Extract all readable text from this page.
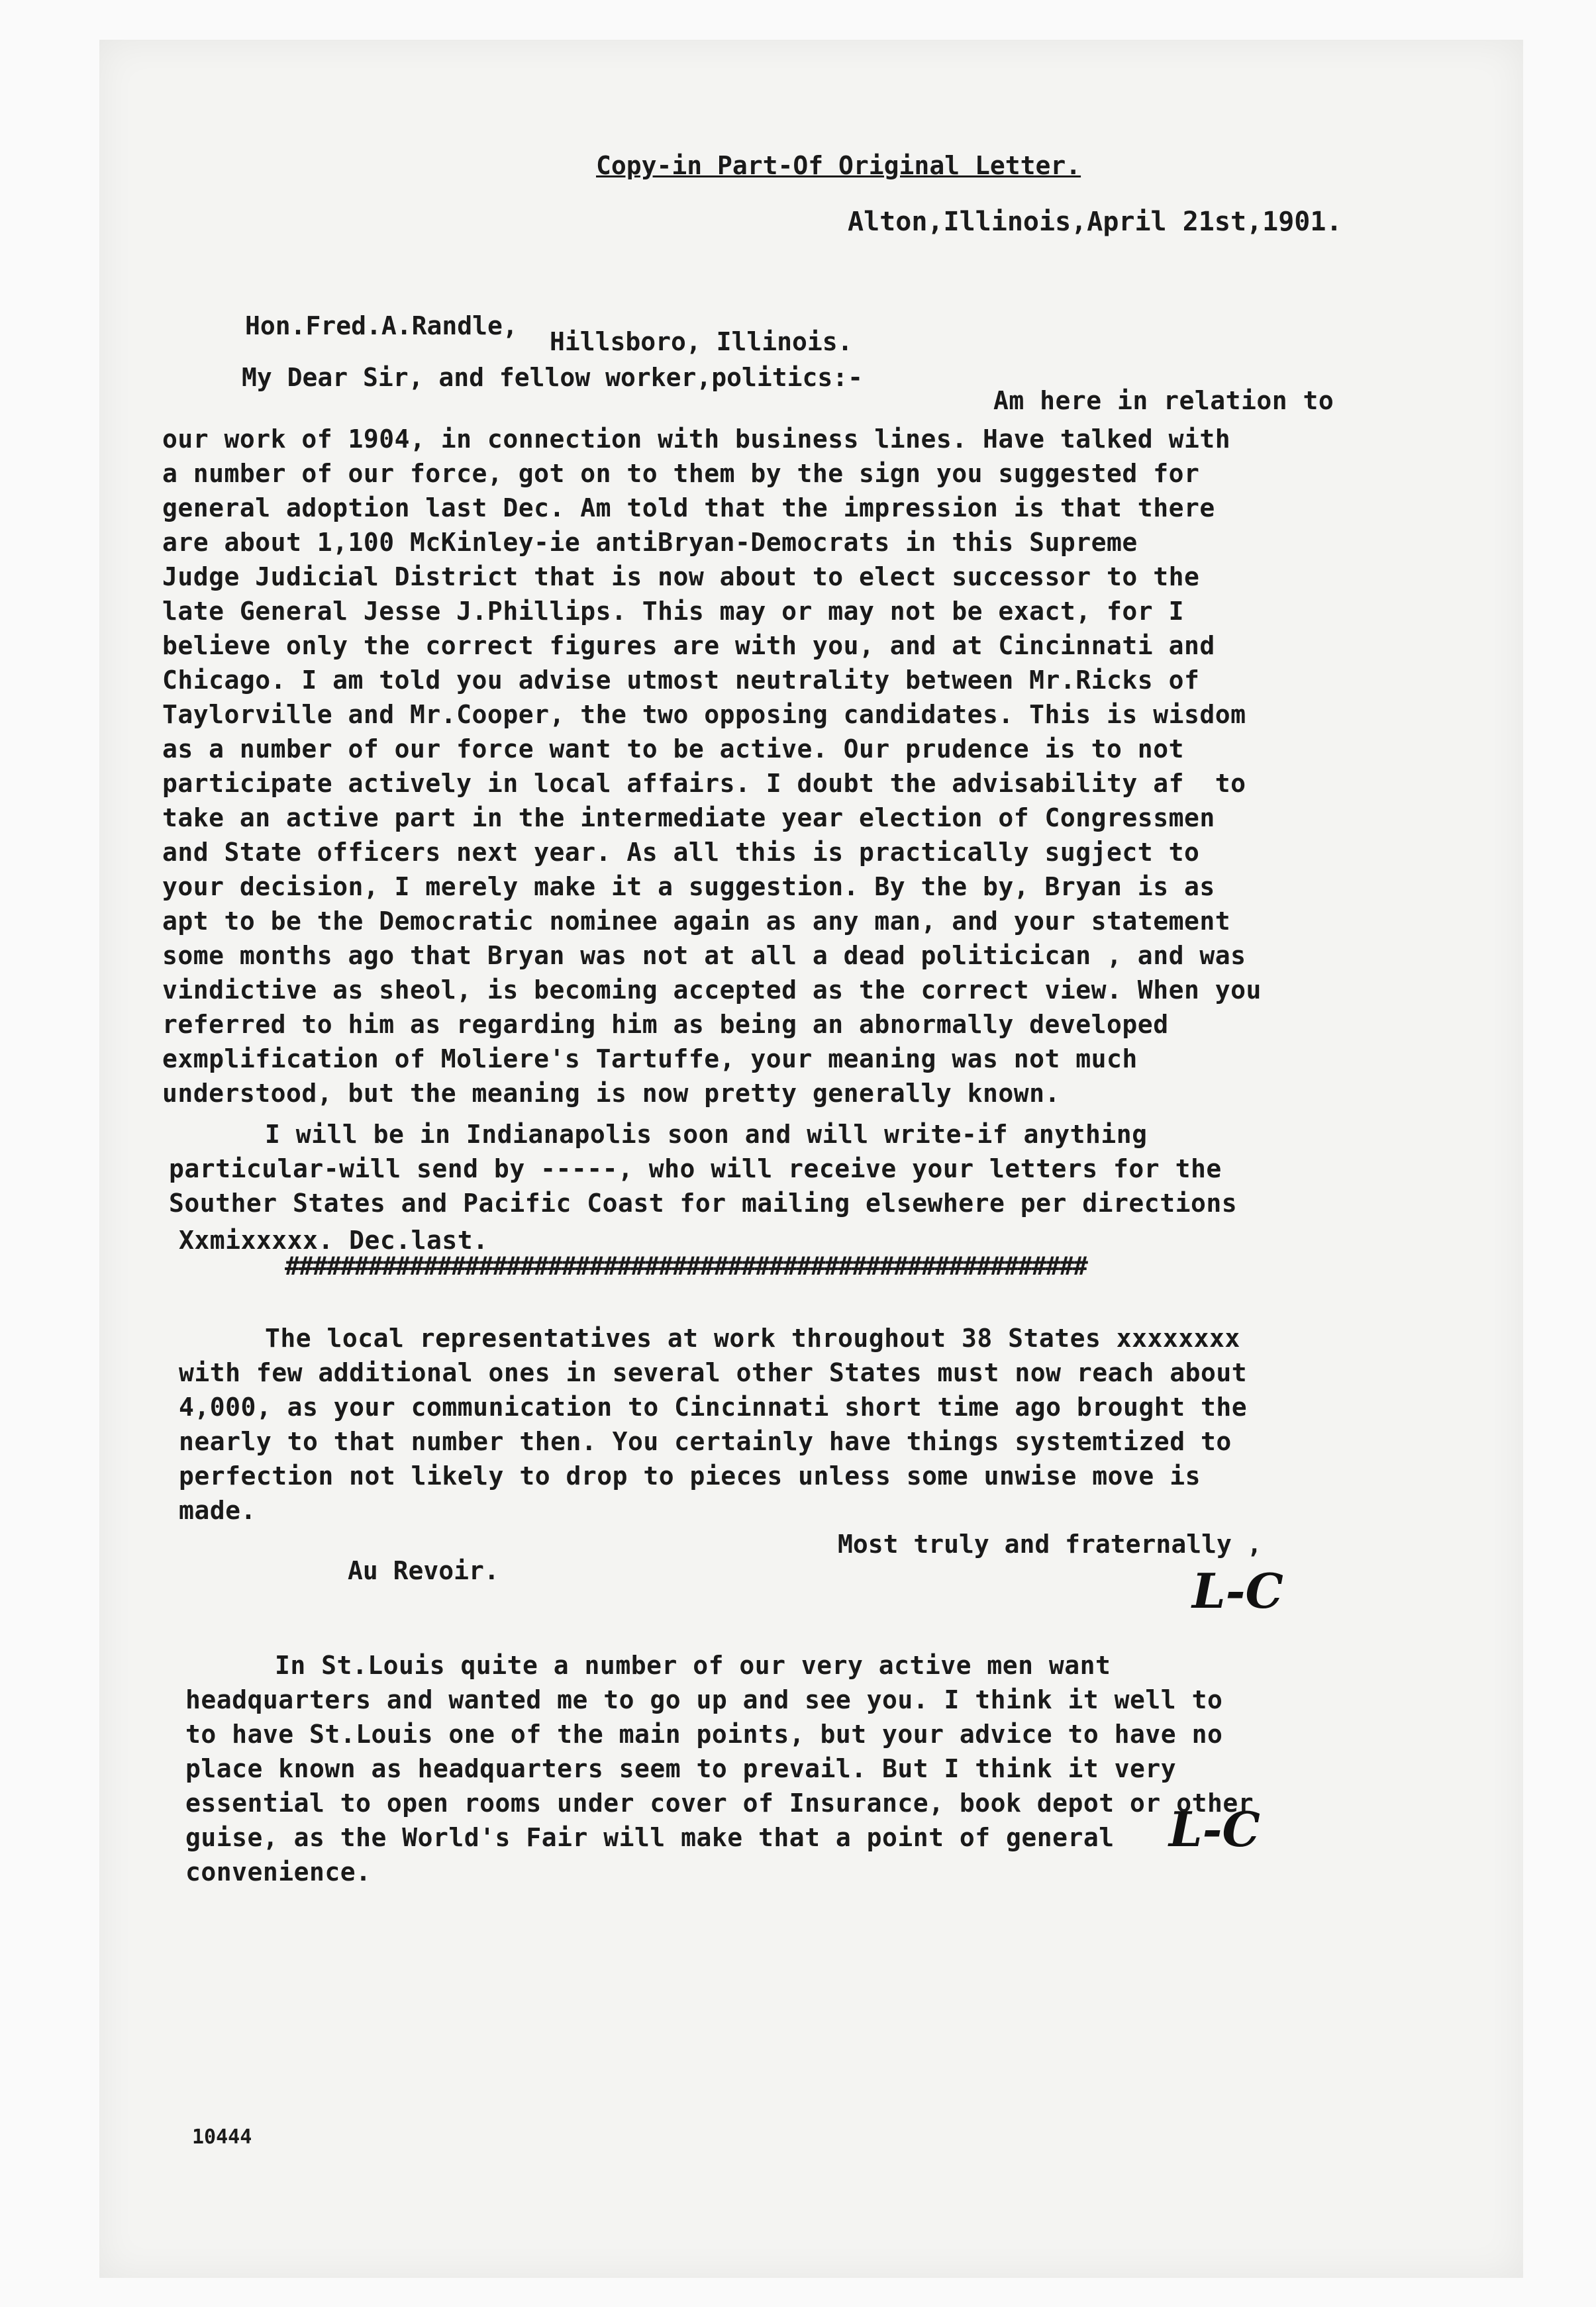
Copy-in Part-Of Original Letter.
Alton,Illinois,April 21st,1901.
Hon.Fred.A.Randle,
Hillsboro, Illinois.
My Dear Sir, and fellow worker,politics:-
Am here in relation to
our work of 1904, in connection with business lines. Have talked with
a number of our force, got on to them by the sign you suggested for
general adoption last Dec. Am told that the impression is that there
are about 1,100 McKinley-ie antiBryan-Democrats in this Supreme
Judge Judicial District that is now about to elect successor to the
late General Jesse J.Phillips. This may or may not be exact, for I
believe only the correct figures are with you, and at Cincinnati and
Chicago. I am told you advise utmost neutrality between Mr.Ricks of
Taylorville and Mr.Cooper, the two opposing candidates. This is wisdom
as a number of our force want to be active. Our prudence is to not
participate actively in local affairs. I doubt the advisability af  to
take an active part in the intermediate year election of Congressmen
and State officers next year. As all this is practically sugject to
your decision, I merely make it a suggestion. By the by, Bryan is as
apt to be the Democratic nominee again as any man, and your statement
some months ago that Bryan was not at all a dead politicican , and was
vindictive as sheol, is becoming accepted as the correct view. When you
referred to him as regarding him as being an abnormally developed
exmplification of Moliere's Tartuffe, your meaning was not much
understood, but the meaning is now pretty generally known.
I will be in Indianapolis soon and will write-if anything
particular-will send by -----, who will receive your letters for the
Souther States and Pacific Coast for mailing elsewhere per directions
Xxmixxxxx. Dec.last.
##########################################################
The local representatives at work throughout 38 States xxxxxxxx
with few additional ones in several other States must now reach about
4,000, as your communication to Cincinnati short time ago brought the
nearly to that number then. You certainly have things systemtized to
perfection not likely to drop to pieces unless some unwise move is
made.
Au Revoir.
Most truly and fraternally ,
L-C
In St.Louis quite a number of our very active men want
headquarters and wanted me to go up and see you. I think it well to
to have St.Louis one of the main points, but your advice to have no
place known as headquarters seem to prevail. But I think it very
essential to open rooms under cover of Insurance, book depot or other
guise, as the World's Fair will make that a point of general
convenience.
L-C
10444
